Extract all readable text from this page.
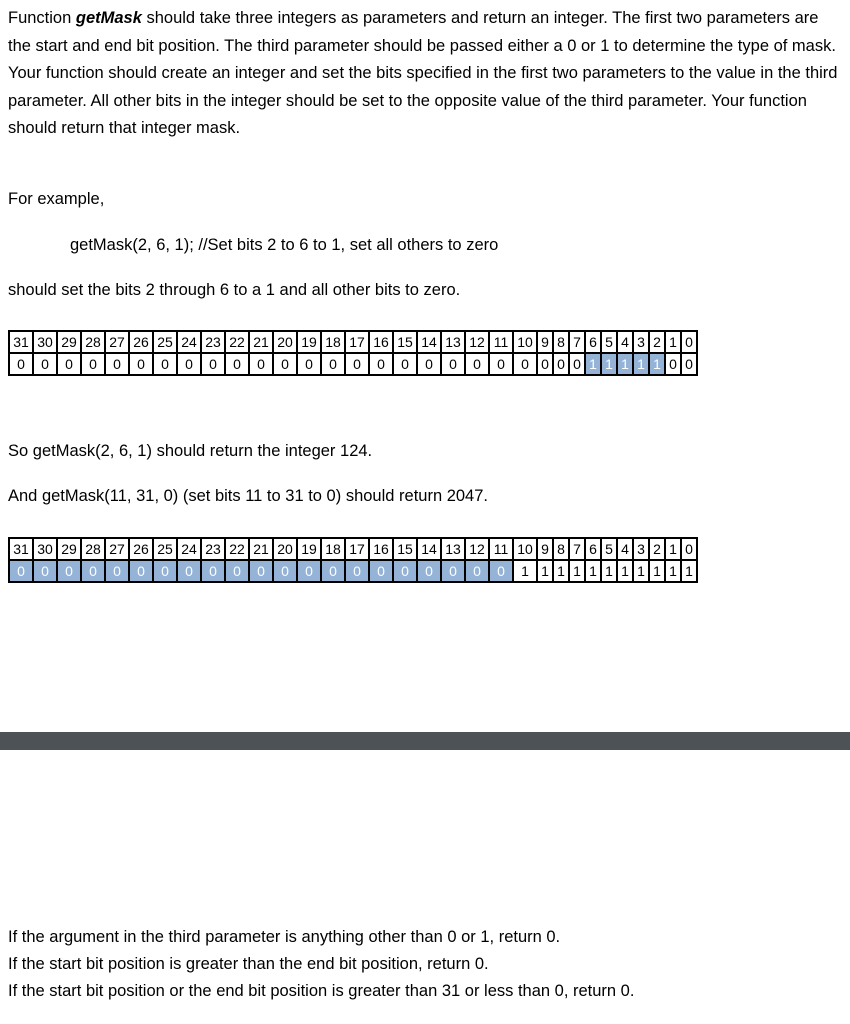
Function getMask should take three integers as parameters and return an integer. The first two parameters are the start and end bit position. The third parameter should be passed either a 0 or 1 to determine the type of mask. Your function should create an integer and set the bits specified in the first two parameters to the value in the third parameter. All other bits in the integer should be set to the opposite value of the third parameter. Your function should return that integer mask.

For example,

getMask(2, 6, 1); //Set bits 2 to 6 to 1, set all others to zero

should set the bits 2 through 6 to a 1 and all other bits to zero.

31	30	29	28	27	26	25	24	23	22	21	20	19	18	17	16	15	14	13	12	11	10	9	8	7	6	5	4	3	2	1	0
0	0	0	0	0	0	0	0	0	0	0	0	0	0	0	0	0	0	0	0	0	0	0	0	0	1	1	1	1	1	0	0

So getMask(2, 6, 1) should return the integer 124.

And getMask(11, 31, 0) (set bits 11 to 31 to 0) should return 2047.

31	30	29	28	27	26	25	24	23	22	21	20	19	18	17	16	15	14	13	12	11	10	9	8	7	6	5	4	3	2	1	0
0	0	0	0	0	0	0	0	0	0	0	0	0	0	0	0	0	0	0	0	0	1	1	1	1	1	1	1	1	1	1	1
If the argument in the third parameter is anything other than 0 or 1, return 0.
If the start bit position is greater than the end bit position, return 0.
If the start bit position or the end bit position is greater than 31 or less than 0, return 0.
